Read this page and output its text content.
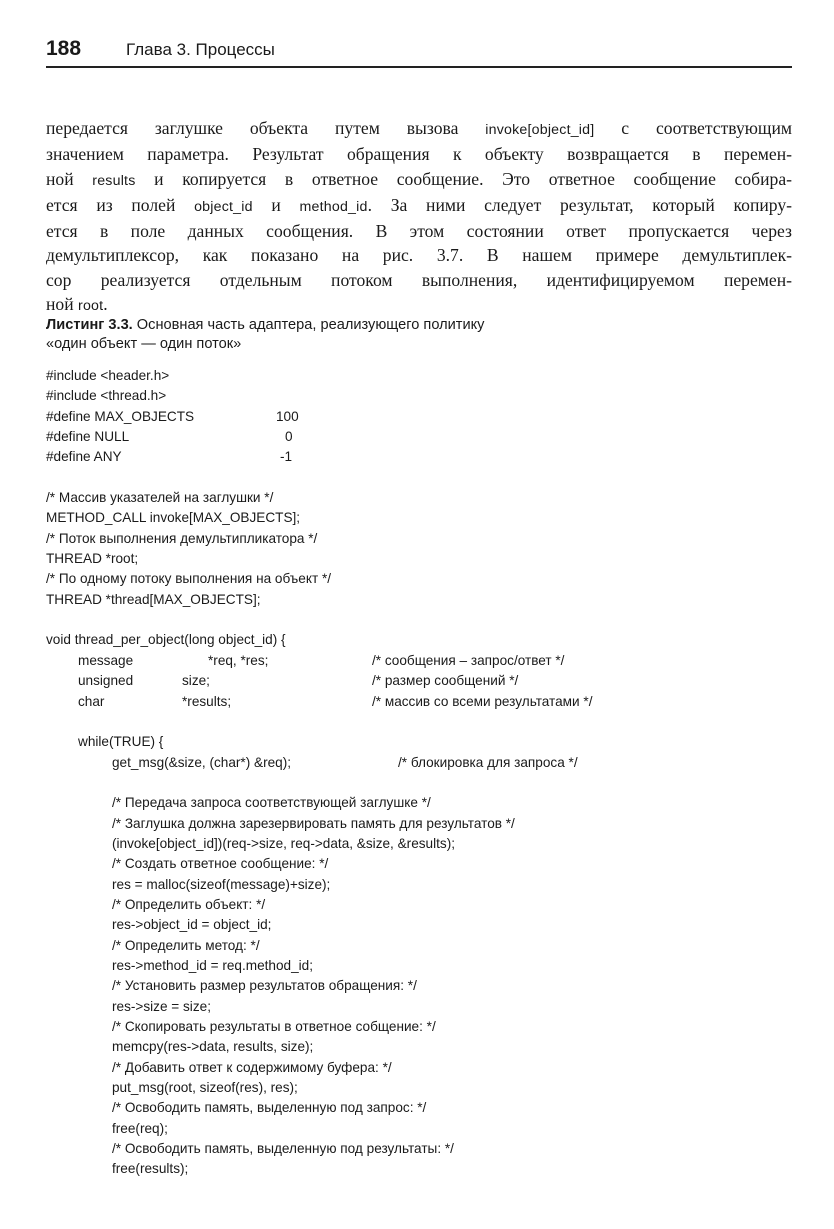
188	Глава 3. Процессы
передается заглушке объекта путем вызова invoke[object_id] с соответствующим
значением параметра. Результат обращения к объекту возвращается в перемен-
ной results и копируется в ответное сообщение. Это ответное сообщение собира-
ется из полей object_id и method_id. За ними следует результат, который копиру-
ется в поле данных сообщения. В этом состоянии ответ пропускается через
демультиплексор, как показано на рис. 3.7. В нашем примере демультиплек-
сор реализуется отдельным потоком выполнения, идентифицируемом перемен-
ной root.
Листинг 3.3. Основная часть адаптера, реализующего политику
«один объект — один поток»
#include <header.h>
#include <thread.h>
#define MAX_OBJECTS	100
#define NULL	0
#define ANY	-1
/* Массив указателей на заглушки */
METHOD_CALL invoke[MAX_OBJECTS];
/* Поток выполнения демультипликатора */
THREAD *root;
/* По одному потоку выполнения на объект */
THREAD *thread[MAX_OBJECTS];
void thread_per_object(long object_id) {
message	*req, *res;	/* сообщения – запрос/ответ */
unsigned	size;	/* размер сообщений */
char	*results;	/* массив со всеми результатами */
while(TRUE) {
get_msg(&size, (char*) &req);	/* блокировка для запроса */
/* Передача запроса соответствующей заглушке */
/* Заглушка должна зарезервировать память для результатов */
(invoke[object_id])(req->size, req->data, &size, &results);
/* Создать ответное сообщение: */
res = malloc(sizeof(message)+size);
/* Определить объект: */
res->object_id = object_id;
/* Определить метод: */
res->method_id = req.method_id;
/* Установить размер результатов обращения: */
res->size = size;
/* Скопировать результаты в ответное собщение: */
memcpy(res->data, results, size);
/* Добавить ответ к содержимому буфера: */
put_msg(root, sizeof(res), res);
/* Освободить память, выделенную под запрос: */
free(req);
/* Освободить память, выделенную под результаты: */
free(results);
